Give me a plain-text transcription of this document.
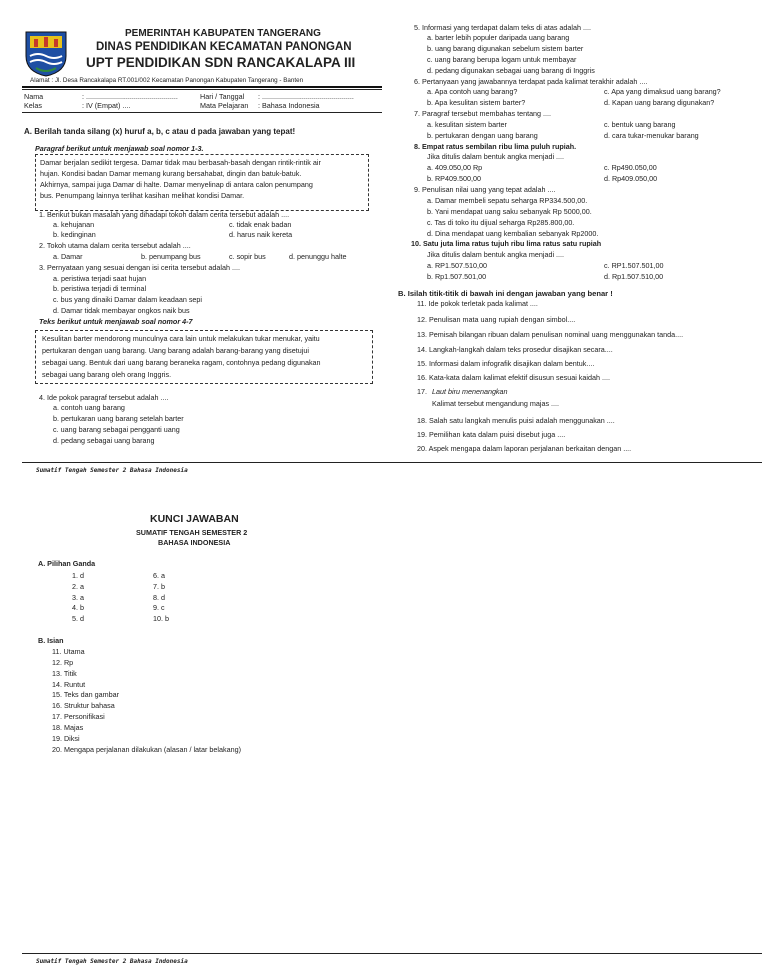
PEMERINTAH KABUPATEN TANGERANG
DINAS PENDIDIKAN KECAMATAN PANONGAN
UPT PENDIDIKAN SDN RANCAKALAPA III
Alamat : Jl. Desa Rancakalapa RT.001/002 Kecamatan Panongan Kabupaten Tangerang - Banten
Nama	: ..............................................
Kelas	: IV (Empat) ....
Hari / Tanggal : ..............................................
Mata Pelajaran : Bahasa Indonesia
A. Berilah tanda silang (x) huruf a, b, c atau d pada jawaban yang tepat!
Paragraf berikut untuk menjawab soal nomor 1-3.
Damar berjalan sedikit tergesa. Damar tidak mau berbasah-basah dengan rintik-rintik air
hujan. Kondisi badan Damar memang kurang bersahabat, dingin dan batuk-batuk.
Akhirnya, sampai juga Damar di halte. Damar menyelinap di antara calon penumpang
bus. Penumpang lainnya terlihat kasihan melihat kondisi Damar.
1. Berikut bukan masalah yang dihadapi tokoh dalam cerita tersebut adalah ....
a. kehujanan	c. tidak enak badan
b. kedinginan	d. harus naik kereta
2. Tokoh utama dalam cerita tersebut adalah ....
a. Damar	b. penumpang bus	c. sopir bus	d. penunggu halte
3. Pernyataan yang sesuai dengan isi cerita tersebut adalah ....
a. peristiwa terjadi saat hujan
b. peristiwa terjadi di terminal
c. bus yang dinaiki Damar dalam keadaan sepi
d. Damar tidak membayar ongkos naik bus
Teks berikut untuk menjawab soal nomor 4-7
Kesulitan barter mendorong munculnya cara lain untuk melakukan tukar menukar, yaitu
pertukaran dengan uang barang. Uang barang adalah barang-barang yang disetujui
sebagai uang. Bentuk dari uang barang beraneka ragam, contohnya pedang digunakan
sebagai uang barang oleh orang Inggris.
4. Ide pokok paragraf tersebut adalah ....
a. contoh uang barang
b. pertukaran uang barang setelah barter
c. uang barang sebagai pengganti uang
d. pedang sebagai uang barang
5. Informasi yang terdapat dalam teks di atas adalah ....
a. barter lebih populer daripada uang barang
b. uang barang digunakan sebelum sistem barter
c. uang barang berupa logam untuk membayar
d. pedang digunakan sebagai uang barang di Inggris
6. Pertanyaan yang jawabannya terdapat pada kalimat terakhir adalah ....
a. Apa contoh uang barang?	c. Apa yang dimaksud uang barang?
b. Apa kesulitan sistem barter?	d. Kapan uang barang digunakan?
7. Paragraf tersebut membahas tentang ....
a. kesulitan sistem barter	c. bentuk uang barang
b. pertukaran dengan uang barang	d. cara tukar-menukar barang
8. Empat ratus sembilan ribu lima puluh rupiah.
Jika ditulis dalam bentuk angka menjadi ....
a. 409.050,00 Rp	c. Rp490.050,00
b. RP409.500,00	d. Rp409.050,00
9. Penulisan nilai uang yang tepat adalah ....
a. Damar membeli sepatu seharga RP334.500,00.
b. Yani mendapat uang saku sebanyak Rp 5000,00.
c. Tas di toko itu dijual seharga Rp285.800,00.
d. Dina mendapat uang kembalian sebanyak Rp2000.
10. Satu juta lima ratus tujuh ribu lima ratus satu rupiah
Jika ditulis dalam bentuk angka menjadi ....
a. RP1.507.510,00	c. RP1.507.501,00
b. Rp1.507.501,00	d. Rp1.507.510,00
B. Isilah titik-titik di bawah ini dengan jawaban yang benar !
11. Ide pokok terletak pada kalimat ....
12. Penulisan mata uang rupiah dengan simbol....
13. Pemisah bilangan ribuan dalam penulisan nominal uang menggunakan tanda....
14. Langkah-langkah dalam teks prosedur disajikan secara....
15. Informasi dalam infografik disajikan dalam bentuk....
16. Kata-kata dalam kalimat efektif disusun sesuai kaidah ....
17. Laut biru menenangkan
Kalimat tersebut mengandung majas ....
18. Salah satu langkah menulis puisi adalah menggunakan ....
19. Pemilihan kata dalam puisi disebut juga ....
20. Aspek mengapa dalam laporan perjalanan berkaitan dengan ....
Sumatif Tengah Semester 2 Bahasa Indonesia
KUNCI JAWABAN
SUMATIF TENGAH SEMESTER 2
BAHASA INDONESIA
A. Pilihan Ganda
1. d
2. a
3. a
4. b
5. d
6. a
7. b
8. d
9. c
10. b
B. Isian
11. Utama
12. Rp
13. Titik
14. Runtut
15. Teks dan gambar
16. Struktur bahasa
17. Personifikasi
18. Majas
19. Diksi
20. Mengapa perjalanan dilakukan (alasan / latar belakang)
Sumatif Tengah Semester 2 Bahasa Indonesia
